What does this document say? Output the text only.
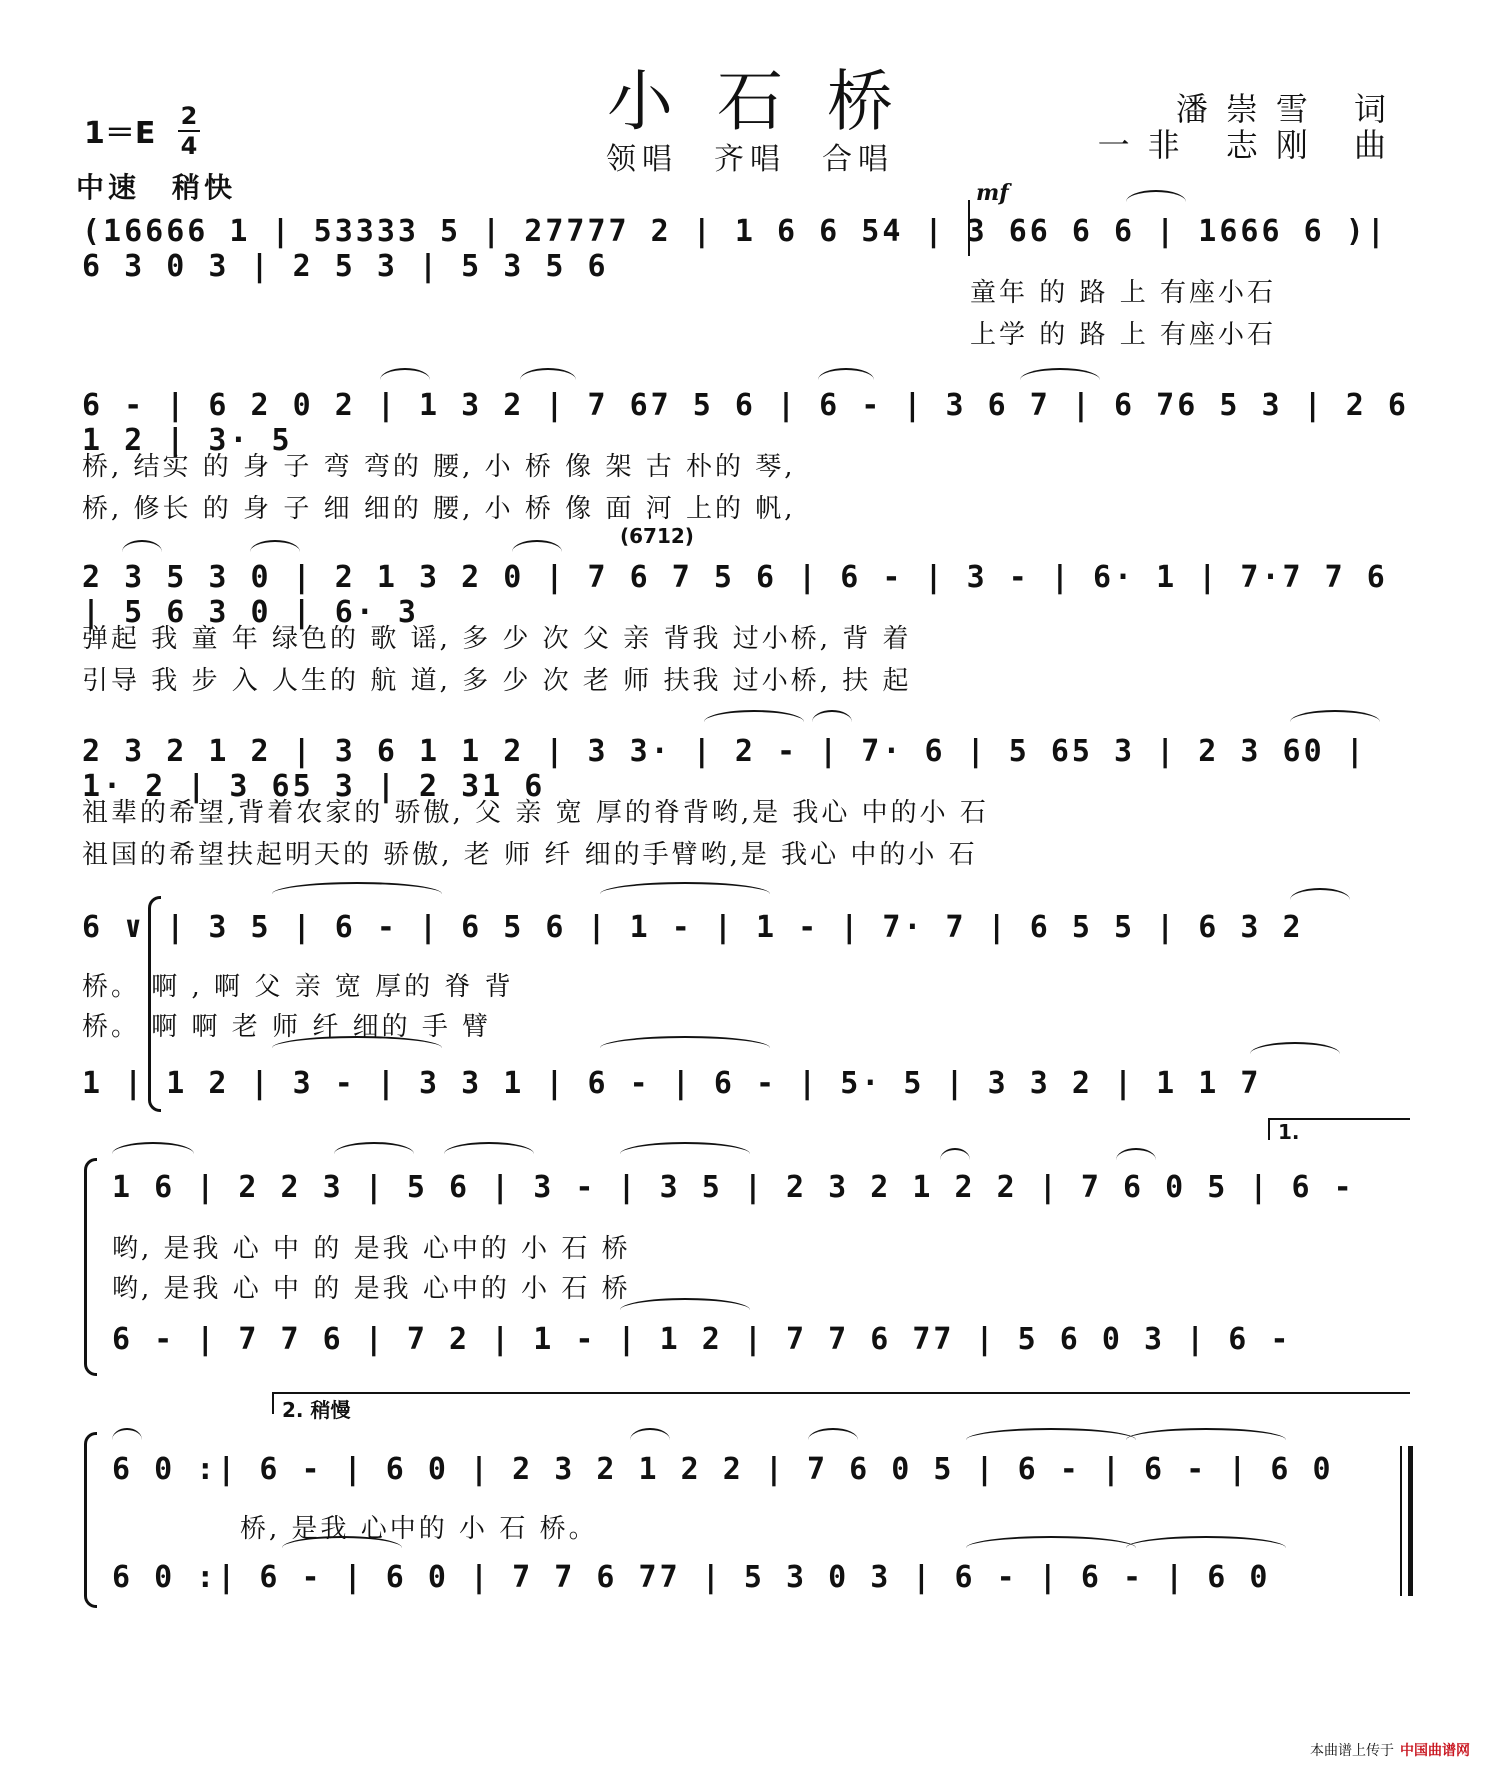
小石桥
领唱　齐唱　合唱
潘崇雪 词
一非 志刚 曲
1＝E 2
4
中速　稍快	mf
(16666 1 | 53333 5 | 27777 2 | 1 6 6 54 | 3 66 6 6 | 1666 6 )| 6 3 0 3 | 2 5 3 | 5 3 5 6
童年 的 路 上 有座小石
上学 的 路 上 有座小石
6 - | 6 2 0 2 | 1 3 2 | 7 67 5 6 | 6 - | 3 6 7 | 6 76 5 3 | 2 6 1 2 | 3· 5
桥, 结实 的 身 子 弯 弯的 腰, 小 桥 像 架 古 朴的 琴,
桥, 修长 的 身 子 细 细的 腰, 小 桥 像 面 河 上的 帆,
(6712)
2 3 5 3 0 | 2 1 3 2 0 | 7 6 7 5 6 | 6 - | 3 - | 6· 1 | 7·7 7 6 | 5 6 3 0 | 6· 3
弹起 我 童 年 绿色的 歌 谣, 多 少 次 父 亲 背我 过小桥, 背 着
引导 我 步 入 人生的 航 道, 多 少 次 老 师 扶我 过小桥, 扶 起
2 3 2 1 2 | 3 6 1 1 2 | 3 3· | 2 - | 7· 6 | 5 65 3 | 2 3 60 | 1· 2 | 3 65 3 | 2 31 6
祖辈的希望,背着农家的 骄傲, 父 亲 宽 厚的脊背哟,是 我心 中的小 石
祖国的希望扶起明天的 骄傲, 老 师 纤 细的手臂哟,是 我心 中的小 石
6 ∨ | 3 5 | 6 - | 6 5 6 | 1 - | 1 - | 7· 7 | 6 5 5 | 6 3 2
桥。 啊 , 啊 父 亲 宽 厚的 脊 背
桥。 啊 啊 老 师 纤 细的 手 臂
1 | 1 2 | 3 - | 3 3 1 | 6 - | 6 - | 5· 5 | 3 3 2 | 1 1 7
1.
1 6 | 2 2 3 | 5 6 | 3 - | 3 5 | 2 3 2 1 2 2 | 7 6 0 5 | 6 -
哟, 是我 心 中 的 是我 心中的 小 石 桥
哟, 是我 心 中 的 是我 心中的 小 石 桥
6 - | 7 7 6 | 7 2 | 1 - | 1 2 | 7 7 6 77 | 5 6 0 3 | 6 -
2. 稍慢
6 0 :| 6 - | 6 0 | 2 3 2 1 2 2 | 7 6 0 5 | 6 - | 6 - | 6 0
桥, 是我 心中的 小 石 桥。
6 0 :| 6 - | 6 0 | 7 7 6 77 | 5 3 0 3 | 6 - | 6 - | 6 0
本曲谱上传于 中国曲谱网
